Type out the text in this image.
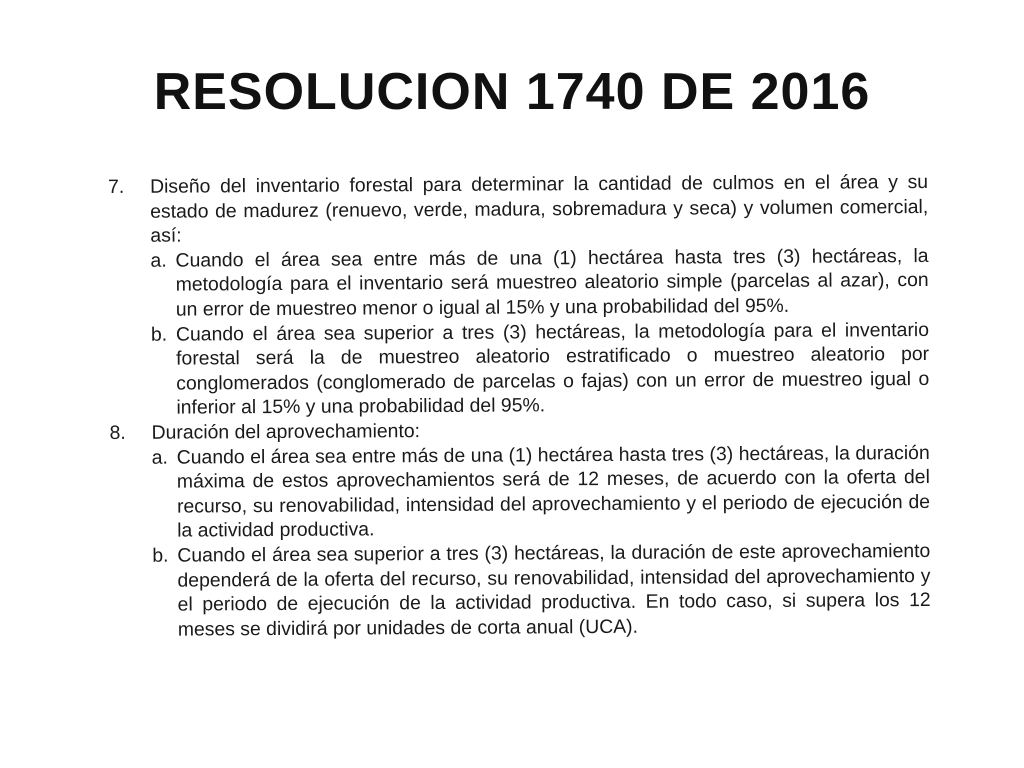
RESOLUCION 1740 DE 2016
7.	Diseño del inventario forestal para determinar la cantidad de culmos en el área y su estado de madurez (renuevo, verde, madura, sobremadura y seca) y volumen comercial, así:
a. Cuando el área sea entre más de una (1) hectárea hasta tres (3) hectáreas, la metodología para el inventario será muestreo aleatorio simple (parcelas al azar), con un error de muestreo menor o igual al 15% y una probabilidad del 95%.
b. Cuando el área sea superior a tres (3) hectáreas, la metodología para el inventario forestal será la de muestreo aleatorio estratificado o muestreo aleatorio por conglomerados (conglomerado de parcelas o fajas) con un error de muestreo igual o inferior al 15% y una probabilidad del 95%.
8.	Duración del aprovechamiento:
a. Cuando el área sea entre más de una (1) hectárea hasta tres (3) hectáreas, la duración máxima de estos aprovechamientos será de 12 meses, de acuerdo con la oferta del recurso, su renovabilidad, intensidad del aprovechamiento y el periodo de ejecución de la actividad productiva.
b. Cuando el área sea superior a tres (3) hectáreas, la duración de este aprovechamiento dependerá de la oferta del recurso, su renovabilidad, intensidad del aprovechamiento y el periodo de ejecución de la actividad productiva. En todo caso, si supera los 12 meses se dividirá por unidades de corta anual (UCA).
